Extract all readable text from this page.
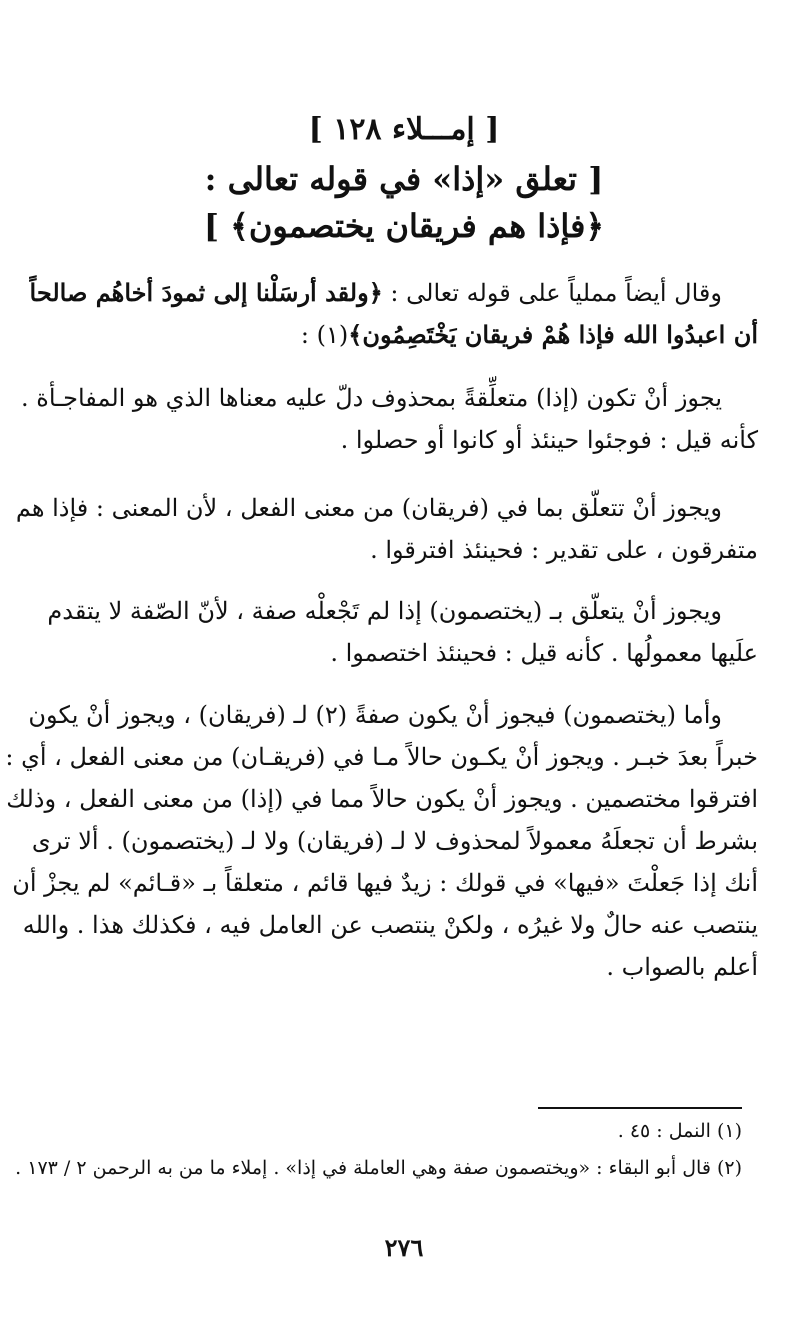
[ إمـــلاء ١٢٨ ]
[ تعلق «إذا» في قوله تعالى :
﴿فإذا هم فريقان يختصمون﴾ ]
وقال أيضاً مملياً على قوله تعالى : ﴿ولقد أرسَلْنا إلى ثمودَ أخاهُم صالحاً
أن اعبدُوا الله فإذا هُمْ فريقان يَخْتَصِمُون﴾(١) :
يجوز أنْ تكون (إذا) متعلِّقةً بمحذوف دلّ عليه معناها الذي هو المفاجـأة .
كأنه قيل : فوجئوا حينئذ أو كانوا أو حصلوا .
ويجوز أنْ تتعلّق بما في (فريقان) من معنى الفعل ، لأن المعنى : فإذا هم
متفرقون ، على تقدير : فحينئذ افترقوا .
ويجوز أنْ يتعلّق بـ (يختصمون) إذا لم تَجْعلْه صفة ، لأنّ الصّفة لا يتقدم
علَيها معمولُها . كأنه قيل : فحينئذ اختصموا .
وأما (يختصمون) فيجوز أنْ يكون صفةً (٢) لـ (فريقان) ، ويجوز أنْ يكون
خبراً بعدَ خبـر . ويجوز أنْ يكـون حالاً مـا في (فريقـان) من معنى الفعل ، أي :
افترقوا مختصمين . ويجوز أنْ يكون حالاً مما في (إذا) من معنى الفعل ، وذلك
بشرط أن تجعلَهُ معمولاً لمحذوف لا لـ (فريقان) ولا لـ (يختصمون) . ألا ترى
أنك إذا جَعلْتَ «فيها» في قولك : زيدٌ فيها قائم ، متعلقاً بـ «قـائم» لم يجزْ أن
ينتصب عنه حالٌ ولا غيرُه ، ولكنْ ينتصب عن العامل فيه ، فكذلك هذا . والله
أعلم بالصواب .
(١) النمل : ٤٥ .
(٢) قال أبو البقاء : «ويختصمون صفة وهي العاملة في إذا» . إملاء ما من به الرحمن ٢ / ١٧٣ .
٢٧٦
